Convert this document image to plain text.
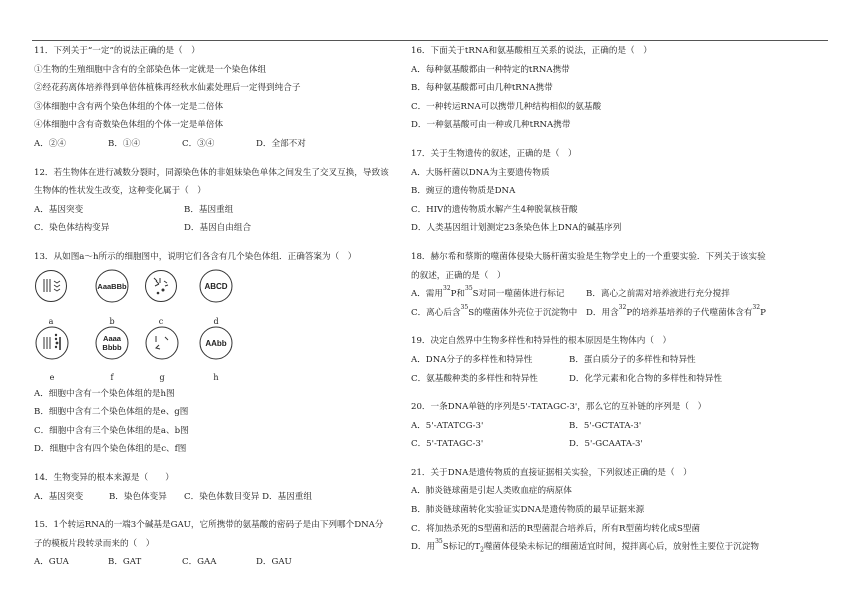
11．下列关于“一定”的说法正确的是（　）
①生物的生殖细胞中含有的全部染色体一定就是一个染色体组
②经花药离体培养得到单倍体植株再经秋水仙素处理后一定得到纯合子
③体细胞中含有两个染色体组的个体一定是二倍体
④体细胞中含有奇数染色体组的个体一定是单倍体
A．②④	B．①④	C．③④	D．全部不对
12．若生物体在进行减数分裂时，同源染色体的非姐妹染色单体之间发生了交叉互换，导致该
生物体的性状发生改变，这种变化属于（　）
A．基因突变	B．基因重组
C．染色体结构变异	D．基因自由组合
13．从如图a～h所示的细胞图中，说明它们各含有几个染色体组．正确答案为（　）
a
AaaBBb
b	c
ABCD
d
e
Aaaa
Bbbb
f	g
AAbb
h
A．细胞中含有一个染色体组的是h图
B．细胞中含有二个染色体组的是e、g图
C．细胞中含有三个染色体组的是a、b图
D．细胞中含有四个染色体组的是c、f图
14．生物变异的根本来源是（　　）
A．基因突变　　　B．染色体变异　　C．染色体数目变异 D．基因重组
15．1个转运RNA的一端3个碱基是GAU，它所携带的氨基酸的密码子是由下列哪个DNA分
子的模板片段转录而来的（　）
A．GUA	B．GAT	C．GAA	D．GAU
16．下面关于tRNA和氨基酸相互关系的说法，正确的是（　）
A．每种氨基酸都由一种特定的tRNA携带
B．每种氨基酸都可由几种tRNA携带
C．一种转运RNA可以携带几种结构相似的氨基酸
D．一种氨基酸可由一种或几种tRNA携带
17．关于生物遗传的叙述，正确的是（　）
A．大肠杆菌以DNA为主要遗传物质
B．豌豆的遗传物质是DNA
C．HIV的遗传物质水解产生4种脱氧核苷酸
D．人类基因组计划测定23条染色体上DNA的碱基序列
18．赫尔希和蔡斯的噬菌体侵染大肠杆菌实验是生物学史上的一个重要实验．下列关于该实验
的叙述，正确的是（　）
A．需用$^{32}$P和$^{35}$S对同一噬菌体进行标记	B．离心之前需对培养液进行充分搅拌
C．离心后含$^{35}$S的噬菌体外壳位于沉淀物中	D．用含$^{32}$P的培养基培养的子代噬菌体含有$^{32}$P
19．决定自然界中生物多样性和特异性的根本原因是生物体内（　）
A．DNA分子的多样性和特异性	B．蛋白质分子的多样性和特异性
C．氨基酸种类的多样性和特异性	D．化学元素和化合物的多样性和特异性
20．一条DNA单链的序列是5'-TATAGC-3'，那么它的互补链的序列是（　）
A．5'-ATATCG-3'	B．5'-GCTATA-3'
C．5'-TATAGC-3'	D．5'-GCAATA-3'
21．关于DNA是遗传物质的直接证据相关实验，下列叙述正确的是（　）
A．肺炎链球菌是引起人类败血症的病原体
B．肺炎链球菌转化实验证实DNA是遗传物质的最早证据来源
C．将加热杀死的S型菌和活的R型菌混合培养后，所有R型菌均转化成S型菌
D．用$^{35}$S标记的$T_2$噬菌体侵染未标记的细菌适宜时间，搅拌离心后，放射性主要位于沉淀物
